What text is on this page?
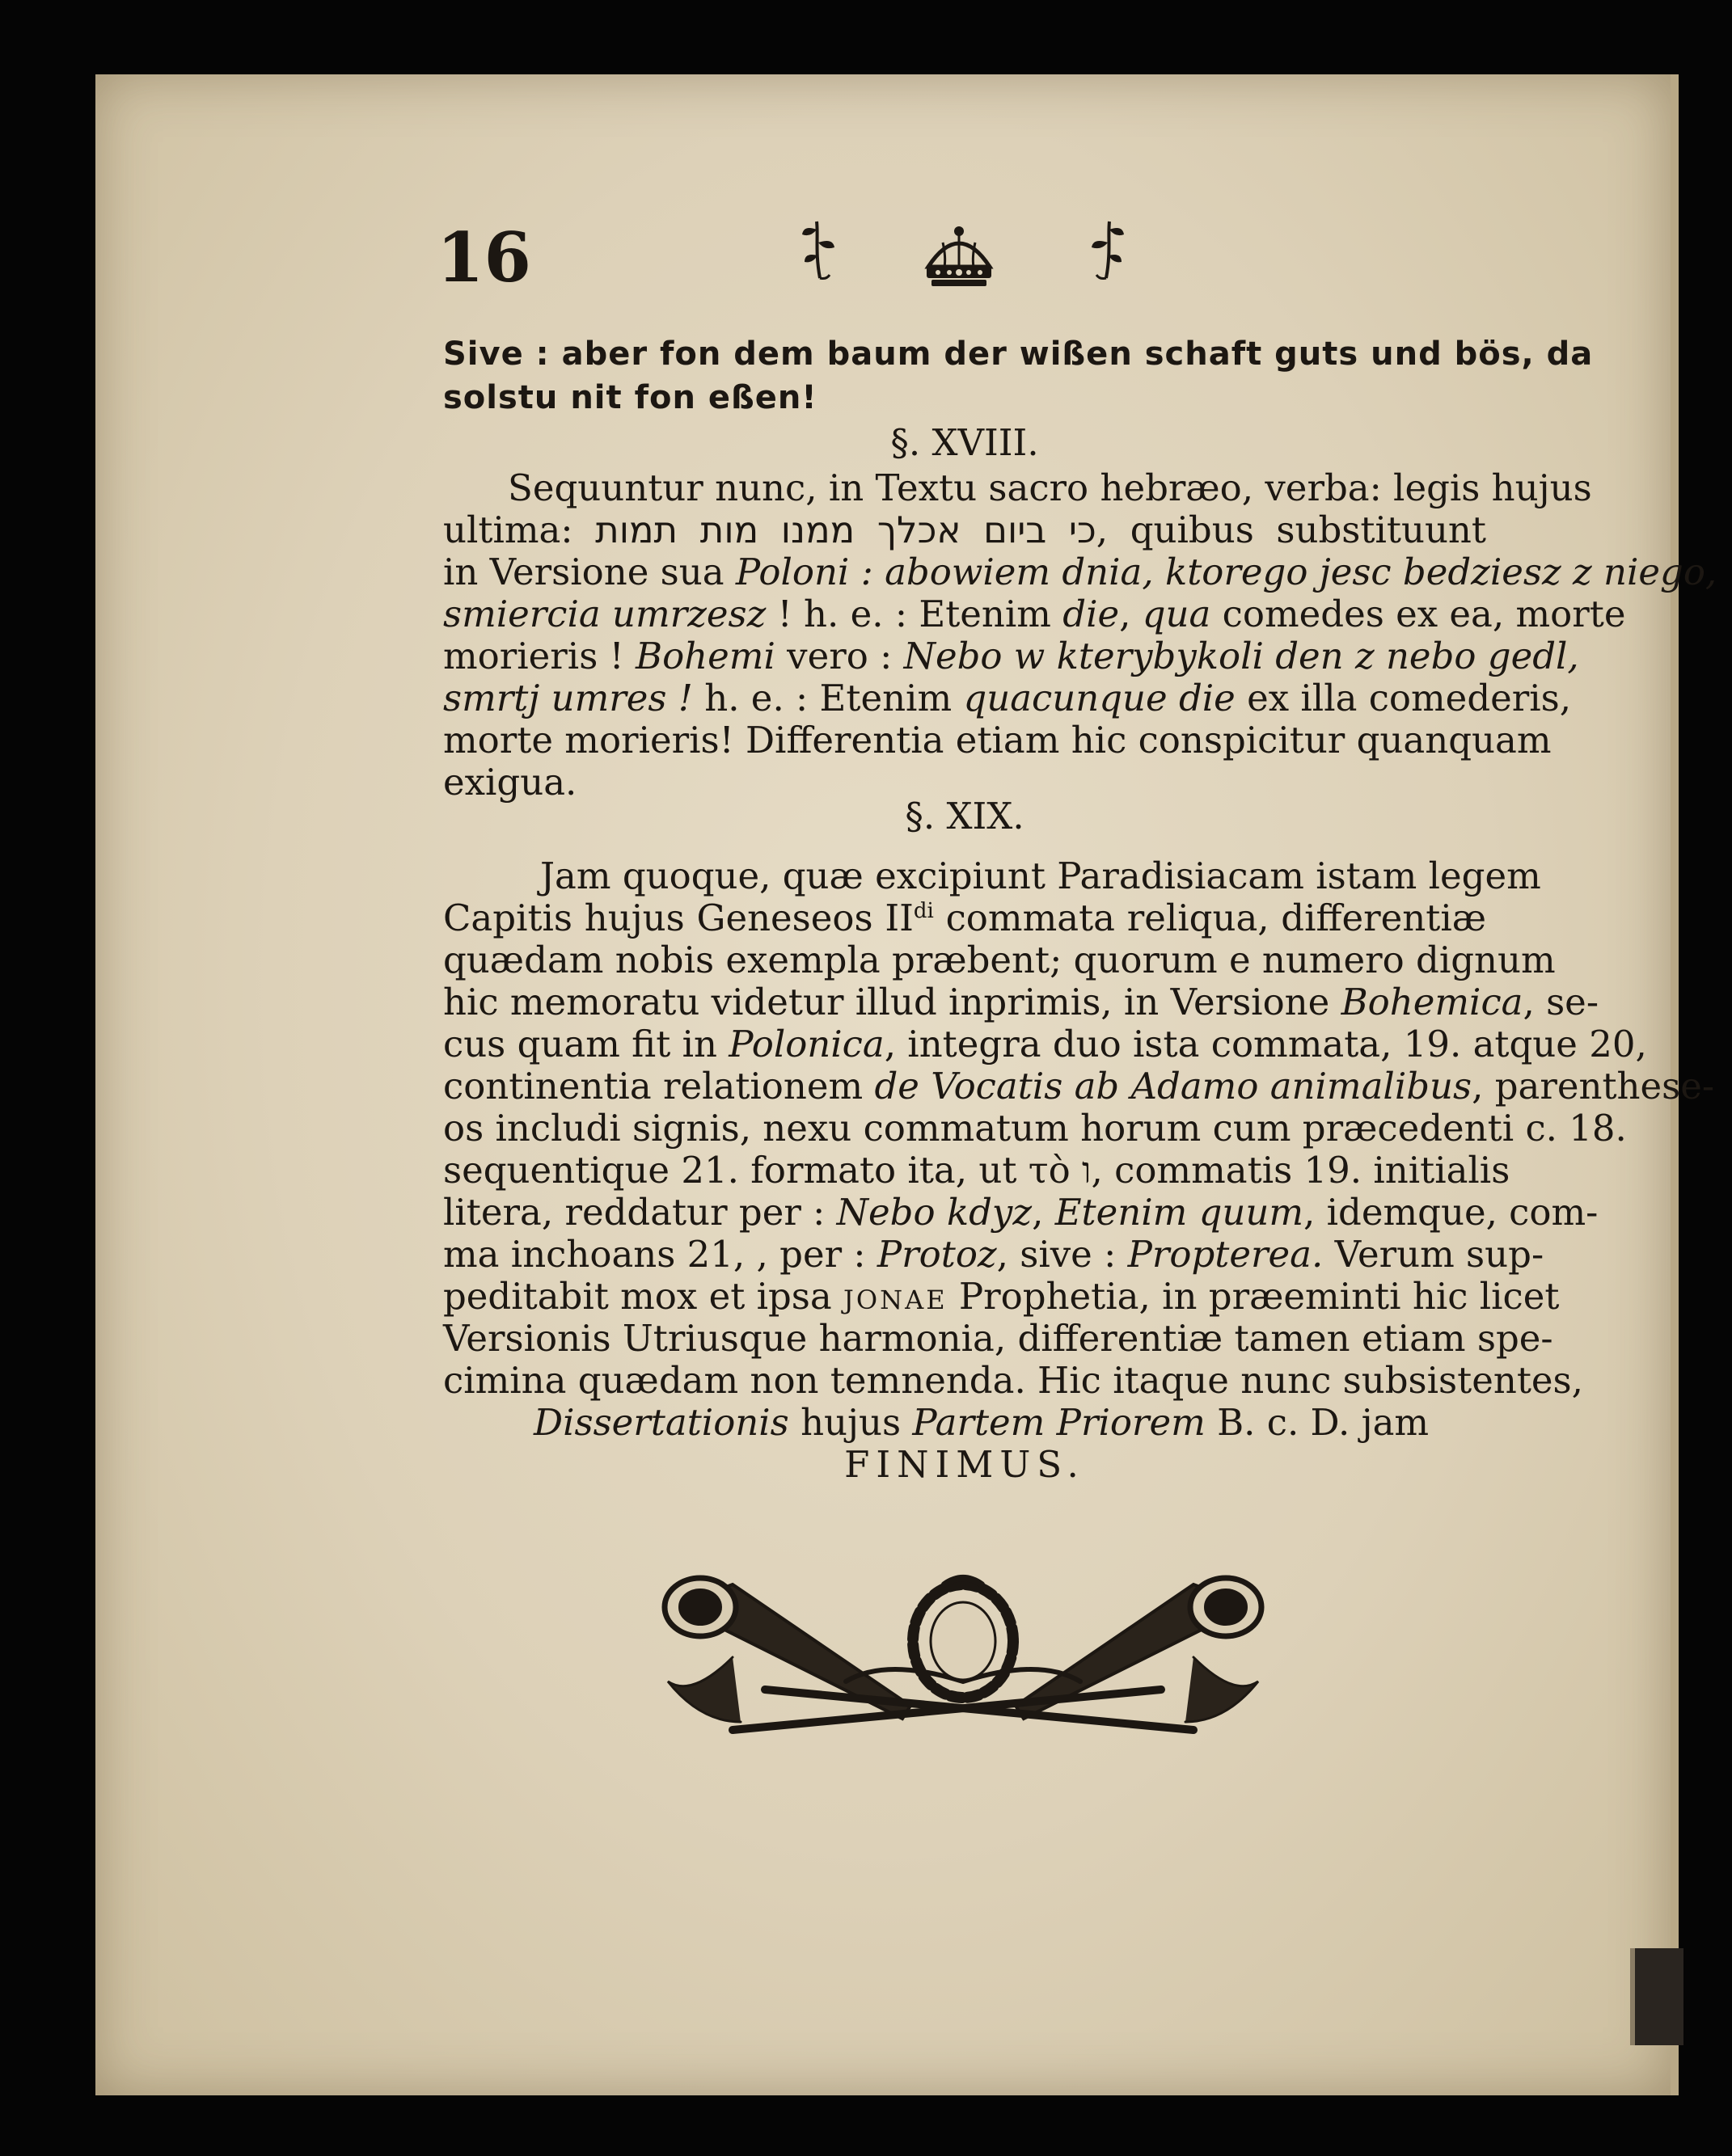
16

Sive : aber fon dem baum der wißen schaft guts und bös, da

solstu nit fon eßen!

§. XVIII.

Sequuntur nunc, in Textu sacro hebræo, verba: legis hujus

ultima: כי ביום אכלך ממנו מות תמות, quibus substituunt

in Versione sua Poloni : abowiem dnia, ktorego jesc bedziesz z niego,

smiercia umrzesz ! h. e. : Etenim die, qua comedes ex ea, morte

morieris ! Bohemi vero : Nebo w kterybykoli den z nebo gedl,

smrtj umres ! h. e. : Etenim quacunque die ex illa comederis,

morte morieris! Differentia etiam hic conspicitur quanquam

exigua.

§. XIX.

Jam quoque, quæ excipiunt Paradisiacam istam legem

Capitis hujus Geneseos $II^{di}$ commata reliqua, differentiæ

quædam nobis exempla præbent; quorum e numero dignum

hic memoratu videtur illud inprimis, in Versione Bohemica, se-

cus quam fit in Polonica, integra duo ista commata, 19. atque 20,

continentia relationem de Vocatis ab Adamo animalibus, parenthese-

os includi signis, nexu commatum horum cum præcedenti c. 18.

sequentique 21. formato ita, ut τὸ ו, commatis 19. initialis

litera, reddatur per : Nebo kdyz, Etenim quum, idemque, com-

ma inchoans 21, , per : Protoz, sive : Propterea. Verum sup-

peditabit mox et ipsa JONAE Prophetia, in præeminti hic licet

Versionis Utriusque harmonia, differentiæ tamen etiam spe-

cimina quædam non temnenda. Hic itaque nunc subsistentes,

Dissertationis hujus Partem Priorem B. c. D. jam

FINIMUS.
